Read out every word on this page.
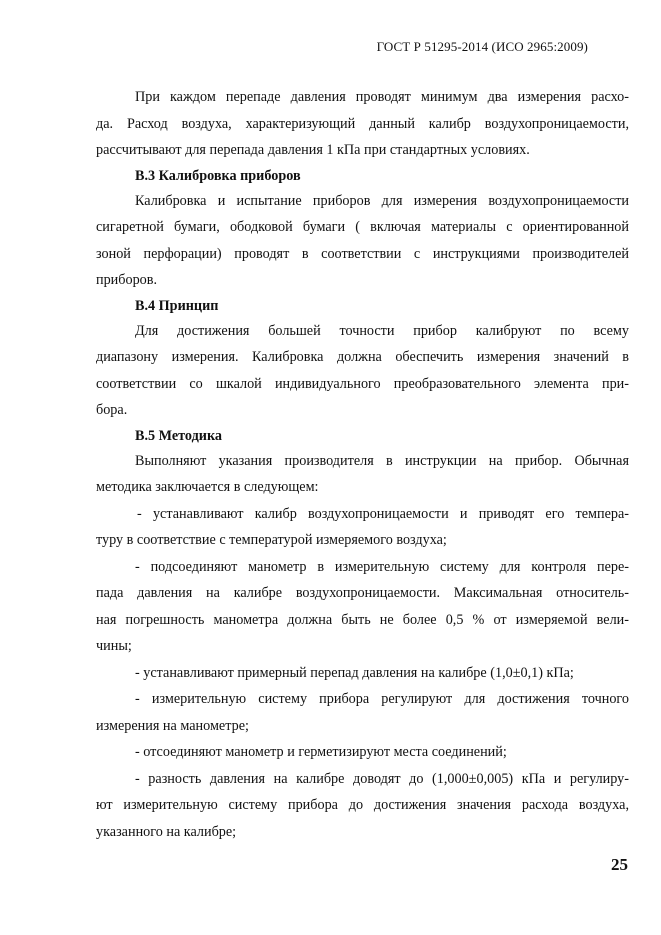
ГОСТ Р 51295-2014 (ИСО 2965:2009)
При каждом перепаде давления проводят минимум два измерения расхо-
да. Расход воздуха, характеризующий данный калибр воздухопроницаемости,
рассчитывают для перепада давления 1 кПа при стандартных условиях.
В.3 Калибровка приборов
Калибровка и испытание приборов для измерения воздухопроницаемости
сигаретной бумаги, ободковой бумаги ( включая материалы с ориентированной
зоной перфорации) проводят в соответствии с инструкциями производителей
приборов.
В.4 Принцип
Для достижения большей точности прибор калибруют по всему
диапазону измерения. Калибровка должна обеспечить измерения значений в
соответствии со шкалой индивидуального преобразовательного элемента при-
бора.
В.5 Методика
Выполняют указания производителя в инструкции на прибор. Обычная
методика заключается в следующем:
- устанавливают калибр воздухопроницаемости и приводят его темпера-
туру в соответствие с температурой измеряемого воздуха;
- подсоединяют манометр в измерительную систему для контроля пере-
пада давления на калибре воздухопроницаемости. Максимальная относитель-
ная погрешность манометра должна быть не более 0,5 % от измеряемой вели-
чины;
- устанавливают примерный перепад давления на калибре (1,0±0,1) кПа;
- измерительную систему прибора регулируют для достижения точного
измерения на манометре;
- отсоединяют манометр и герметизируют места соединений;
- разность давления на калибре доводят до (1,000±0,005) кПа и регулиру-
ют измерительную систему прибора до достижения значения расхода воздуха,
указанного на калибре;
25
